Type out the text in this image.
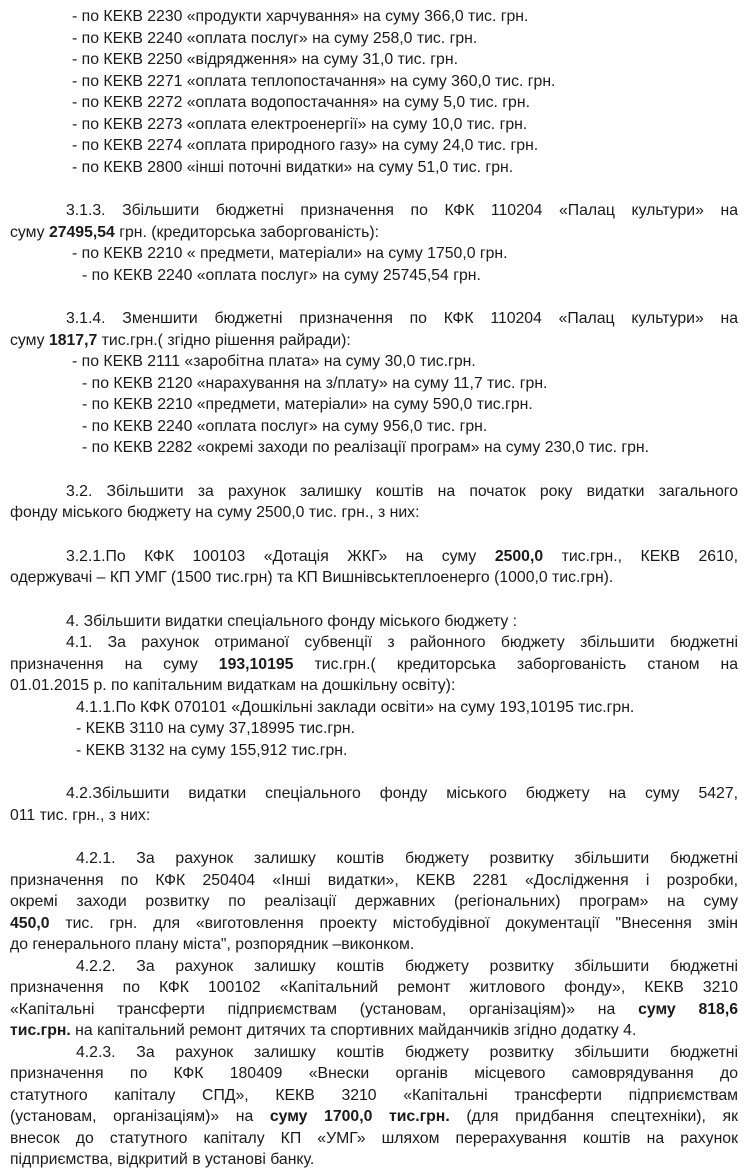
- по КЕКВ 2230 «продукти харчування» на суму 366,0 тис. грн.
- по КЕКВ 2240 «оплата послуг» на суму 258,0 тис. грн.
- по КЕКВ 2250 «відрядження» на суму 31,0 тис. грн.
- по КЕКВ 2271 «оплата теплопостачання» на суму 360,0 тис. грн.
- по КЕКВ 2272 «оплата водопостачання» на суму 5,0 тис. грн.
- по КЕКВ 2273 «оплата електроенергії» на суму 10,0 тис. грн.
- по КЕКВ 2274 «оплата природного газу» на суму 24,0 тис. грн.
- по КЕКВ 2800 «інші поточні видатки» на суму 51,0 тис. грн.
3.1.3. Збільшити бюджетні призначення по КФК 110204 «Палац культури» на
суму 27495,54 грн. (кредиторська заборгованість):
- по КЕКВ 2210 « предмети, матеріали» на суму 1750,0 грн.
- по КЕКВ 2240 «оплата послуг» на суму 25745,54 грн.
3.1.4. Зменшити бюджетні призначення по КФК 110204 «Палац культури» на
суму 1817,7 тис.грн.( згідно рішення райради):
- по КЕКВ 2111 «заробітна плата» на суму 30,0 тис.грн.
- по КЕКВ 2120 «нарахування на з/плату» на суму 11,7 тис. грн.
- по КЕКВ 2210 «предмети, матеріали» на суму 590,0 тис.грн.
- по КЕКВ 2240 «оплата послуг» на суму 956,0 тис. грн.
- по КЕКВ 2282 «окремі заходи по реалізації програм» на суму 230,0 тис. грн.
3.2. Збільшити за рахунок залишку коштів на початок року видатки загального
фонду міського бюджету на суму 2500,0 тис. грн., з них:
3.2.1.По КФК 100103 «Дотація ЖКГ» на суму 2500,0 тис.грн., КЕКВ 2610,
одержувачі – КП УМГ (1500 тис.грн) та КП Вишнівськтеплоенерго (1000,0 тис.грн).
4. Збільшити видатки спеціального фонду міського бюджету :
4.1. За рахунок отриманої субвенції з районного бюджету збільшити бюджетні
призначення на суму 193,10195 тис.грн.( кредиторська заборгованість станом на
01.01.2015 р. по капітальним видаткам на дошкільну освіту):
4.1.1.По КФК 070101 «Дошкільні заклади освіти» на суму 193,10195 тис.грн.
- КЕКВ 3110 на суму 37,18995 тис.грн.
- КЕКВ 3132 на суму 155,912 тис.грн.
4.2.Збільшити видатки спеціального фонду міського бюджету на суму 5427,
011 тис. грн., з них:
4.2.1. За рахунок залишку коштів бюджету розвитку збільшити бюджетні
призначення по КФК 250404 «Інші видатки», КЕКВ 2281 «Дослідження і розробки,
окремі заходи розвитку по реалізації державних (регіональних) програм» на суму
450,0 тис. грн. для «виготовлення проекту містобудівної документації "Внесення змін
до генерального плану міста", розпорядник –виконком.
4.2.2. За рахунок залишку коштів бюджету розвитку збільшити бюджетні
призначення по КФК 100102 «Капітальний ремонт житлового фонду», КЕКВ 3210
«Капітальні трансферти підприємствам (установам, організаціям)» на суму 818,6
тис.грн. на капітальний ремонт дитячих та спортивних майданчиків згідно додатку 4.
4.2.3. За рахунок залишку коштів бюджету розвитку збільшити бюджетні
призначення по КФК 180409 «Внески органів місцевого самоврядування до
статутного капіталу СПД», КЕКВ 3210 «Капітальні трансферти підприємствам
(установам, організаціям)» на суму 1700,0 тис.грн. (для придбання спецтехніки), як
внесок до статутного капіталу КП «УМГ» шляхом перерахування коштів на рахунок
підприємства, відкритий в установі банку.
